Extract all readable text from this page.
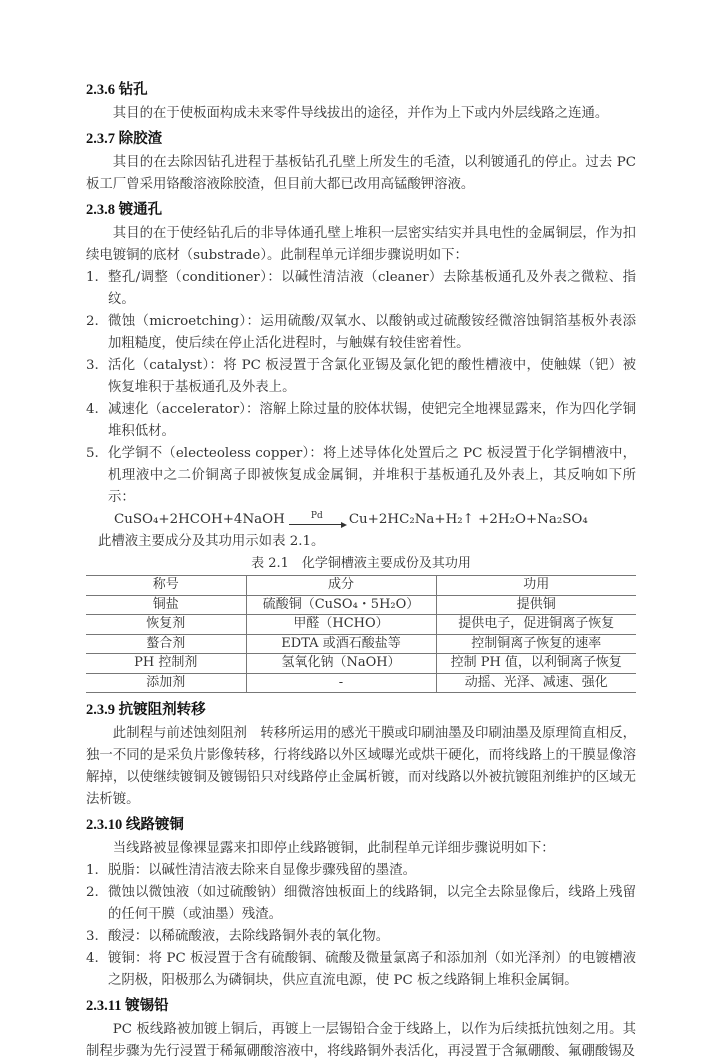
2.3.6 钻孔

其目的在于使板面构成未来零件导线拔出的途径，并作为上下或内外层线路之连通。

2.3.7 除胶渣

其目的在去除因钻孔进程于基板钻孔孔壁上所发生的毛渣，以利镀通孔的停止。过去 PC 板工厂曾采用铬酸溶液除胶渣，但目前大都已改用高锰酸钾溶液。

2.3.8 镀通孔

其目的在于使经钻孔后的非导体通孔壁上堆积一层密实结实并具电性的金属铜层，作为扣续电镀铜的底材（substrade）。此制程单元详细步骤说明如下：

1. 整孔/调整（conditioner）：以碱性清洁液（cleaner）去除基板通孔及外表之微粒、指纹。
2. 微蚀（microetching）：运用硫酸/双氧水、以酸钠或过硫酸铵经微溶蚀铜箔基板外表添加粗糙度，使后续在停止活化进程时，与触媒有较佳密着性。
3. 活化（catalyst）：将 PC 板浸置于含氯化亚锡及氯化钯的酸性槽液中，使触媒（钯）被恢复堆积于基板通孔及外表上。
4. 减速化（accelerator）：溶解上除过量的胶体状锡，使钯完全地裸显露来，作为四化学铜堆积低材。
5. 化学铜不（electeoless copper）：将上述导体化处置后之 PC 板浸置于化学铜槽液中，机理液中之二价铜离子即被恢复成金属铜，并堆积于基板通孔及外表上，其反响如下所示：
CuSO₄+2HCOH+4NaOH	Pd	Cu+2HC₂Na+H₂↑ +2H₂O+Na₂SO₄
此槽液主要成分及其功用示如表 2.1。
表 2.1　化学铜槽液主要成份及其功用
称号	成分	功用
铜盐	硫酸铜（CuSO₄・5H₂O）	提供铜
恢复剂	甲醛（HCHO）	提供电子，促进铜离子恢复
螯合剂	EDTA 或酒石酸盐等	控制铜离子恢复的速率
PH 控制剂	氢氧化钠（NaOH）	控制 PH 值，以利铜离子恢复
添加剂	-	动摇、光泽、减速、强化
2.3.9 抗镀阻剂转移

此制程与前述蚀刻阻剂　转移所运用的感光干膜或印刷油墨及印刷油墨及原理简直相反，独一不同的是采负片影像转移，行将线路以外区域曝光或烘干硬化，而将线路上的干膜显像溶解掉，以使继续镀铜及镀锡铅只对线路停止金属析镀，而对线路以外被抗镀阻剂维护的区域无法析镀。

2.3.10 线路镀铜

当线路被显像裸显露来扣即停止线路镀铜，此制程单元详细步骤说明如下：

1. 脱脂：以碱性清洁液去除来自显像步骤残留的墨渣。
2. 微蚀以微蚀液（如过硫酸钠）细微溶蚀板面上的线路铜，以完全去除显像后，线路上残留的任何干膜（或油墨）残渣。
3. 酸浸：以稀硫酸液，去除线路铜外表的氧化物。
4. 镀铜：将 PC 板浸置于含有硫酸铜、硫酸及微量氯离子和添加剂（如光泽剂）的电镀槽液之阴极，阳极那么为磷铜块，供应直流电源，使 PC 板之线路铜上堆积金属铜。
2.3.11 镀锡铅

PC 板线路被加镀上铜后，再镀上一层锡铅合金于线路上，以作为后续抵抗蚀刻之用。其制程步骤为先行浸置于稀氟硼酸溶液中，将线路铜外表活化，再浸置于含氟硼酸、氟硼酸锡及
